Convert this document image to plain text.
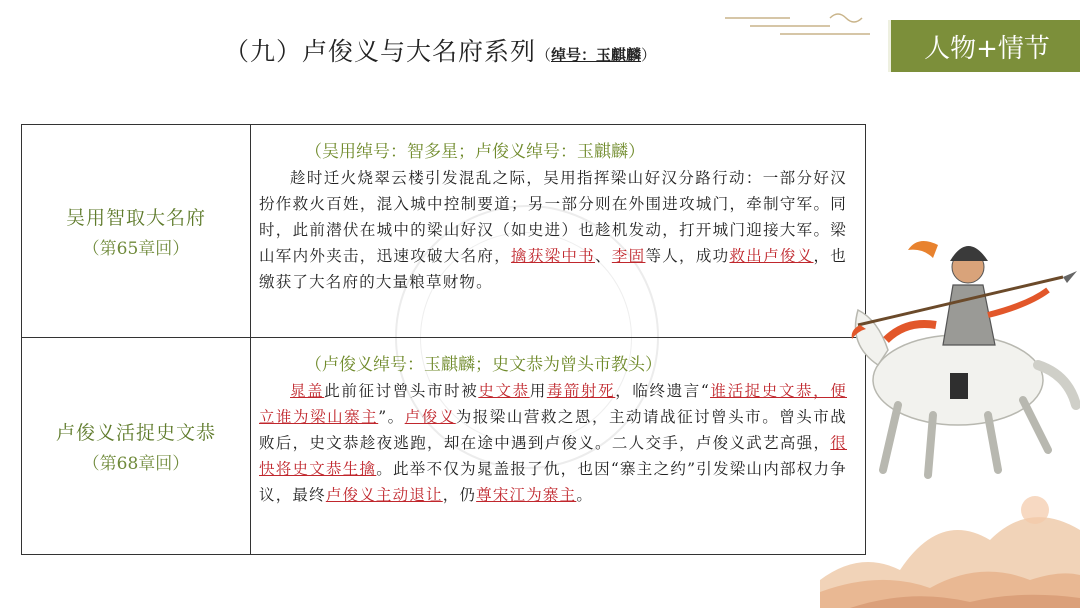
（九）卢俊义与大名府系列（绰号：玉麒麟）	人物+情节
吴用智取大名府
（第65章回）
（吴用绰号：智多星；卢俊义绰号：玉麒麟）

趁时迁火烧翠云楼引发混乱之际，吴用指挥梁山好汉分路行动：一部分好汉扮作救火百姓，混入城中控制要道；另一部分则在外围进攻城门，牵制守军。同时，此前潜伏在城中的梁山好汉（如史进）也趁机发动，打开城门迎接大军。梁山军内外夹击，迅速攻破大名府，擒获梁中书、李固等人，成功救出卢俊义，也缴获了大名府的大量粮草财物。

卢俊义活捉史文恭
（第68章回）
（卢俊义绰号：玉麒麟；史文恭为曾头市教头）

晁盖此前征讨曾头市时被史文恭用毒箭射死，临终遗言“谁活捉史文恭，便立谁为梁山寨主”。卢俊义为报梁山营救之恩，主动请战征讨曾头市。曾头市战败后，史文恭趁夜逃跑，却在途中遇到卢俊义。二人交手，卢俊义武艺高强，很快将史文恭生擒。此举不仅为晁盖报了仇，也因“寨主之约”引发梁山内部权力争议，最终卢俊义主动退让，仍尊宋江为寨主。
